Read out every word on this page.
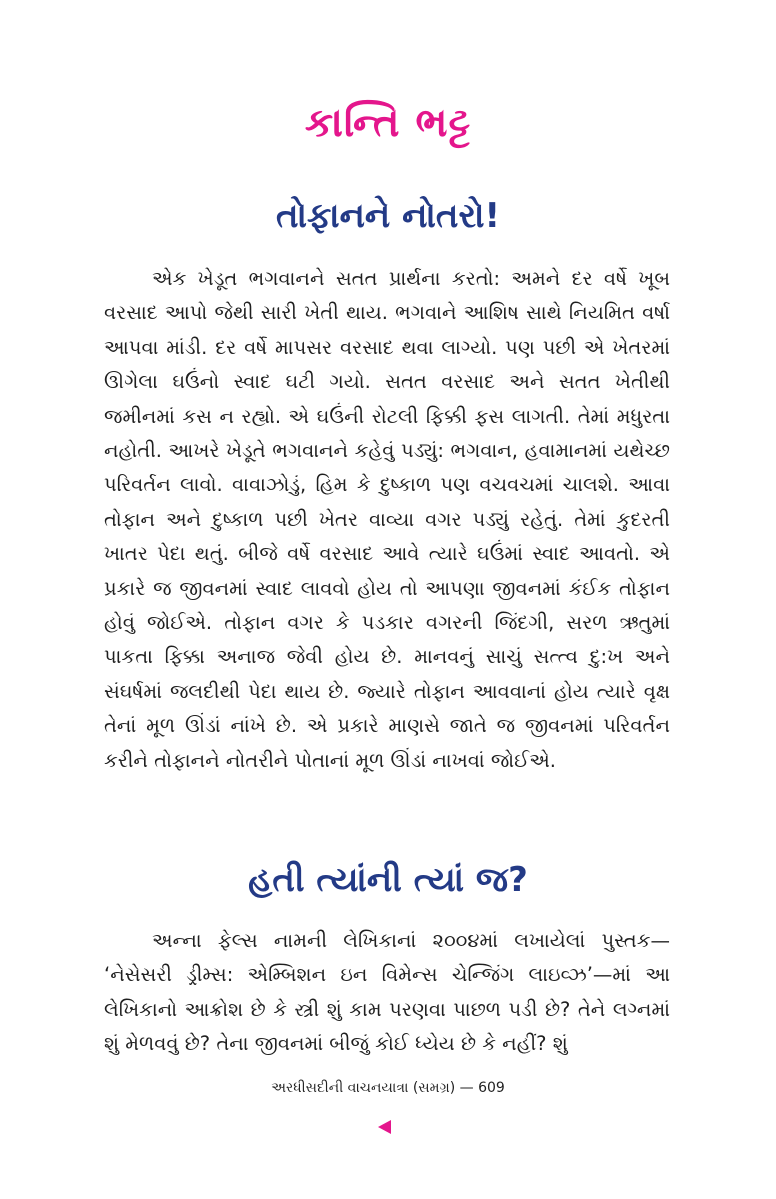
કાન્તિ ભટ્ટ
તોફાનને નોતરો!

એક ખેડૂત ભગવાનને સતત પ્રાર્થના કરતો: અમને દર વર્ષે ખૂબ વરસાદ આપો જેથી સારી ખેતી થાય. ભગવાને આશિષ સાથે નિયમિત વર્ષા આપવા માંડી. દર વર્ષે માપસર વરસાદ થવા લાગ્યો. પણ પછી એ ખેતરમાં ઊગેલા ઘઉંનો સ્વાદ ઘટી ગયો. સતત વરસાદ અને સતત ખેતીથી જમીનમાં કસ ન રહ્યો. એ ઘઉંની રોટલી ફિક્કી ફસ લાગતી. તેમાં મધુરતા નહોતી. આખરે ખેડૂતે ભગવાનને કહેવું પડ્યું: ભગવાન, હવામાનમાં યથેચ્છ પરિવર્તન લાવો. વાવાઝોડું, હિમ કે દુષ્કાળ પણ વચવચમાં ચાલશે. આવા તોફાન અને દુષ્કાળ પછી ખેતર વાવ્યા વગર પડ્યું રહેતું. તેમાં કુદરતી ખાતર પેદા થતું. બીજે વર્ષે વરસાદ આવે ત્યારે ઘઉંમાં સ્વાદ આવતો. એ પ્રકારે જ જીવનમાં સ્વાદ લાવવો હોય તો આપણા જીવનમાં કંઈક તોફાન હોવું જોઈએ. તોફાન વગર કે પડકાર વગરની જિંદગી, સરળ ઋતુમાં પાકતા ફિક્કા અનાજ જેવી હોય છે. માનવનું સાચું સત્ત્વ દુ:ખ અને સંઘર્ષમાં જલદીથી પેદા થાય છે. જ્યારે તોફાન આવવાનાં હોય ત્યારે વૃક્ષ તેનાં મૂળ ઊંડાં નાંખે છે. એ પ્રકારે માણસે જાતે જ જીવનમાં પરિવર્તન કરીને તોફાનને નોતરીને પોતાનાં મૂળ ઊંડાં નાખવાં જોઈએ.

હતી ત્યાંની ત્યાં જ?

અન્ના ફેલ્સ નામની લેખિકાનાં ૨૦૦૪માં લખાયેલાં પુસ્તક— ‘નેસેસરી ડ્રીમ્સ: એમ્બિશન ઇન વિમેન્સ ચેન્જિંગ લાઇવ્ઝ’—માં આ લેખિકાનો આક્રોશ છે કે સ્ત્રી શું કામ પરણવા પાછળ પડી છે? તેને લગ્નમાં શું મેળવવું છે? તેના જીવનમાં બીજું કોઈ ધ્યેય છે કે નહીં? શું

અરધીસદીની વાચનયાત્રા (સમગ્ર) — 609
